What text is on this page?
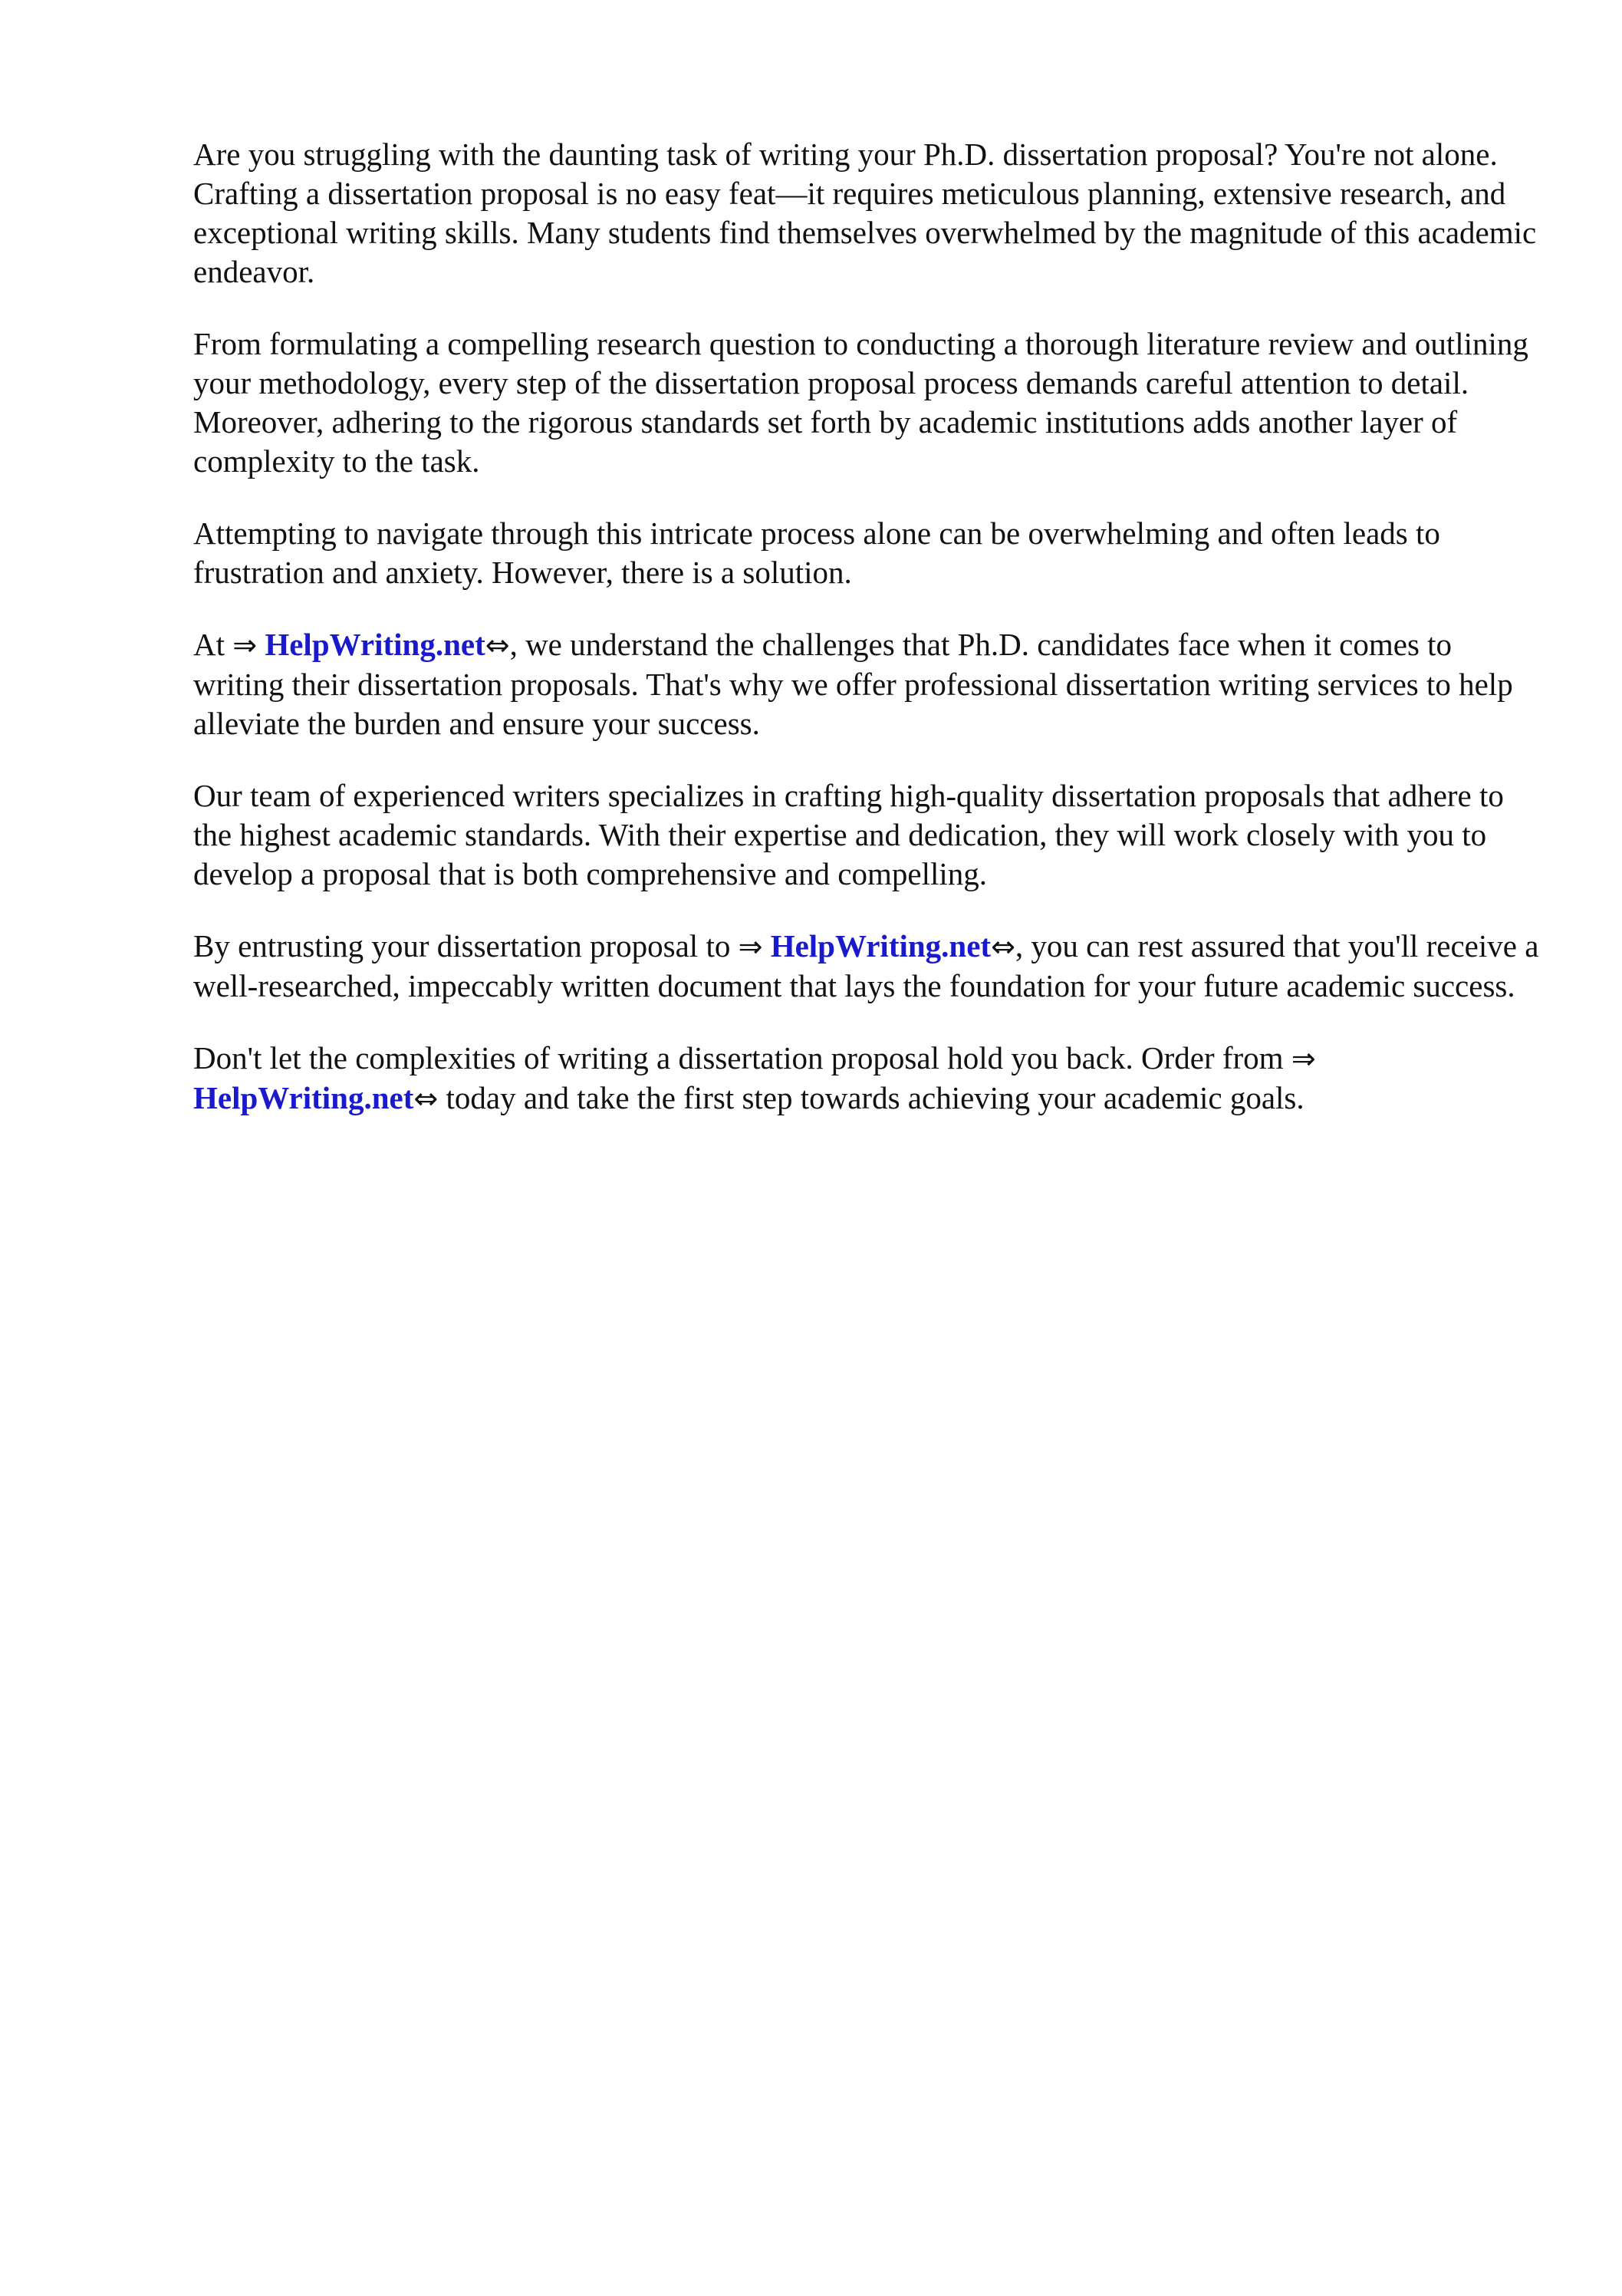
Are you struggling with the daunting task of writing your Ph.D. dissertation proposal? You're not alone. Crafting a dissertation proposal is no easy feat—it requires meticulous planning, extensive research, and exceptional writing skills. Many students find themselves overwhelmed by the magnitude of this academic endeavor.

From formulating a compelling research question to conducting a thorough literature review and outlining your methodology, every step of the dissertation proposal process demands careful attention to detail. Moreover, adhering to the rigorous standards set forth by academic institutions adds another layer of complexity to the task.

Attempting to navigate through this intricate process alone can be overwhelming and often leads to frustration and anxiety. However, there is a solution.

At ⇒ HelpWriting.net⇔, we understand the challenges that Ph.D. candidates face when it comes to writing their dissertation proposals. That's why we offer professional dissertation writing services to help alleviate the burden and ensure your success.

Our team of experienced writers specializes in crafting high-quality dissertation proposals that adhere to the highest academic standards. With their expertise and dedication, they will work closely with you to develop a proposal that is both comprehensive and compelling.

By entrusting your dissertation proposal to ⇒ HelpWriting.net⇔, you can rest assured that you'll receive a well-researched, impeccably written document that lays the foundation for your future academic success.

Don't let the complexities of writing a dissertation proposal hold you back. Order from ⇒ HelpWriting.net⇔ today and take the first step towards achieving your academic goals.
